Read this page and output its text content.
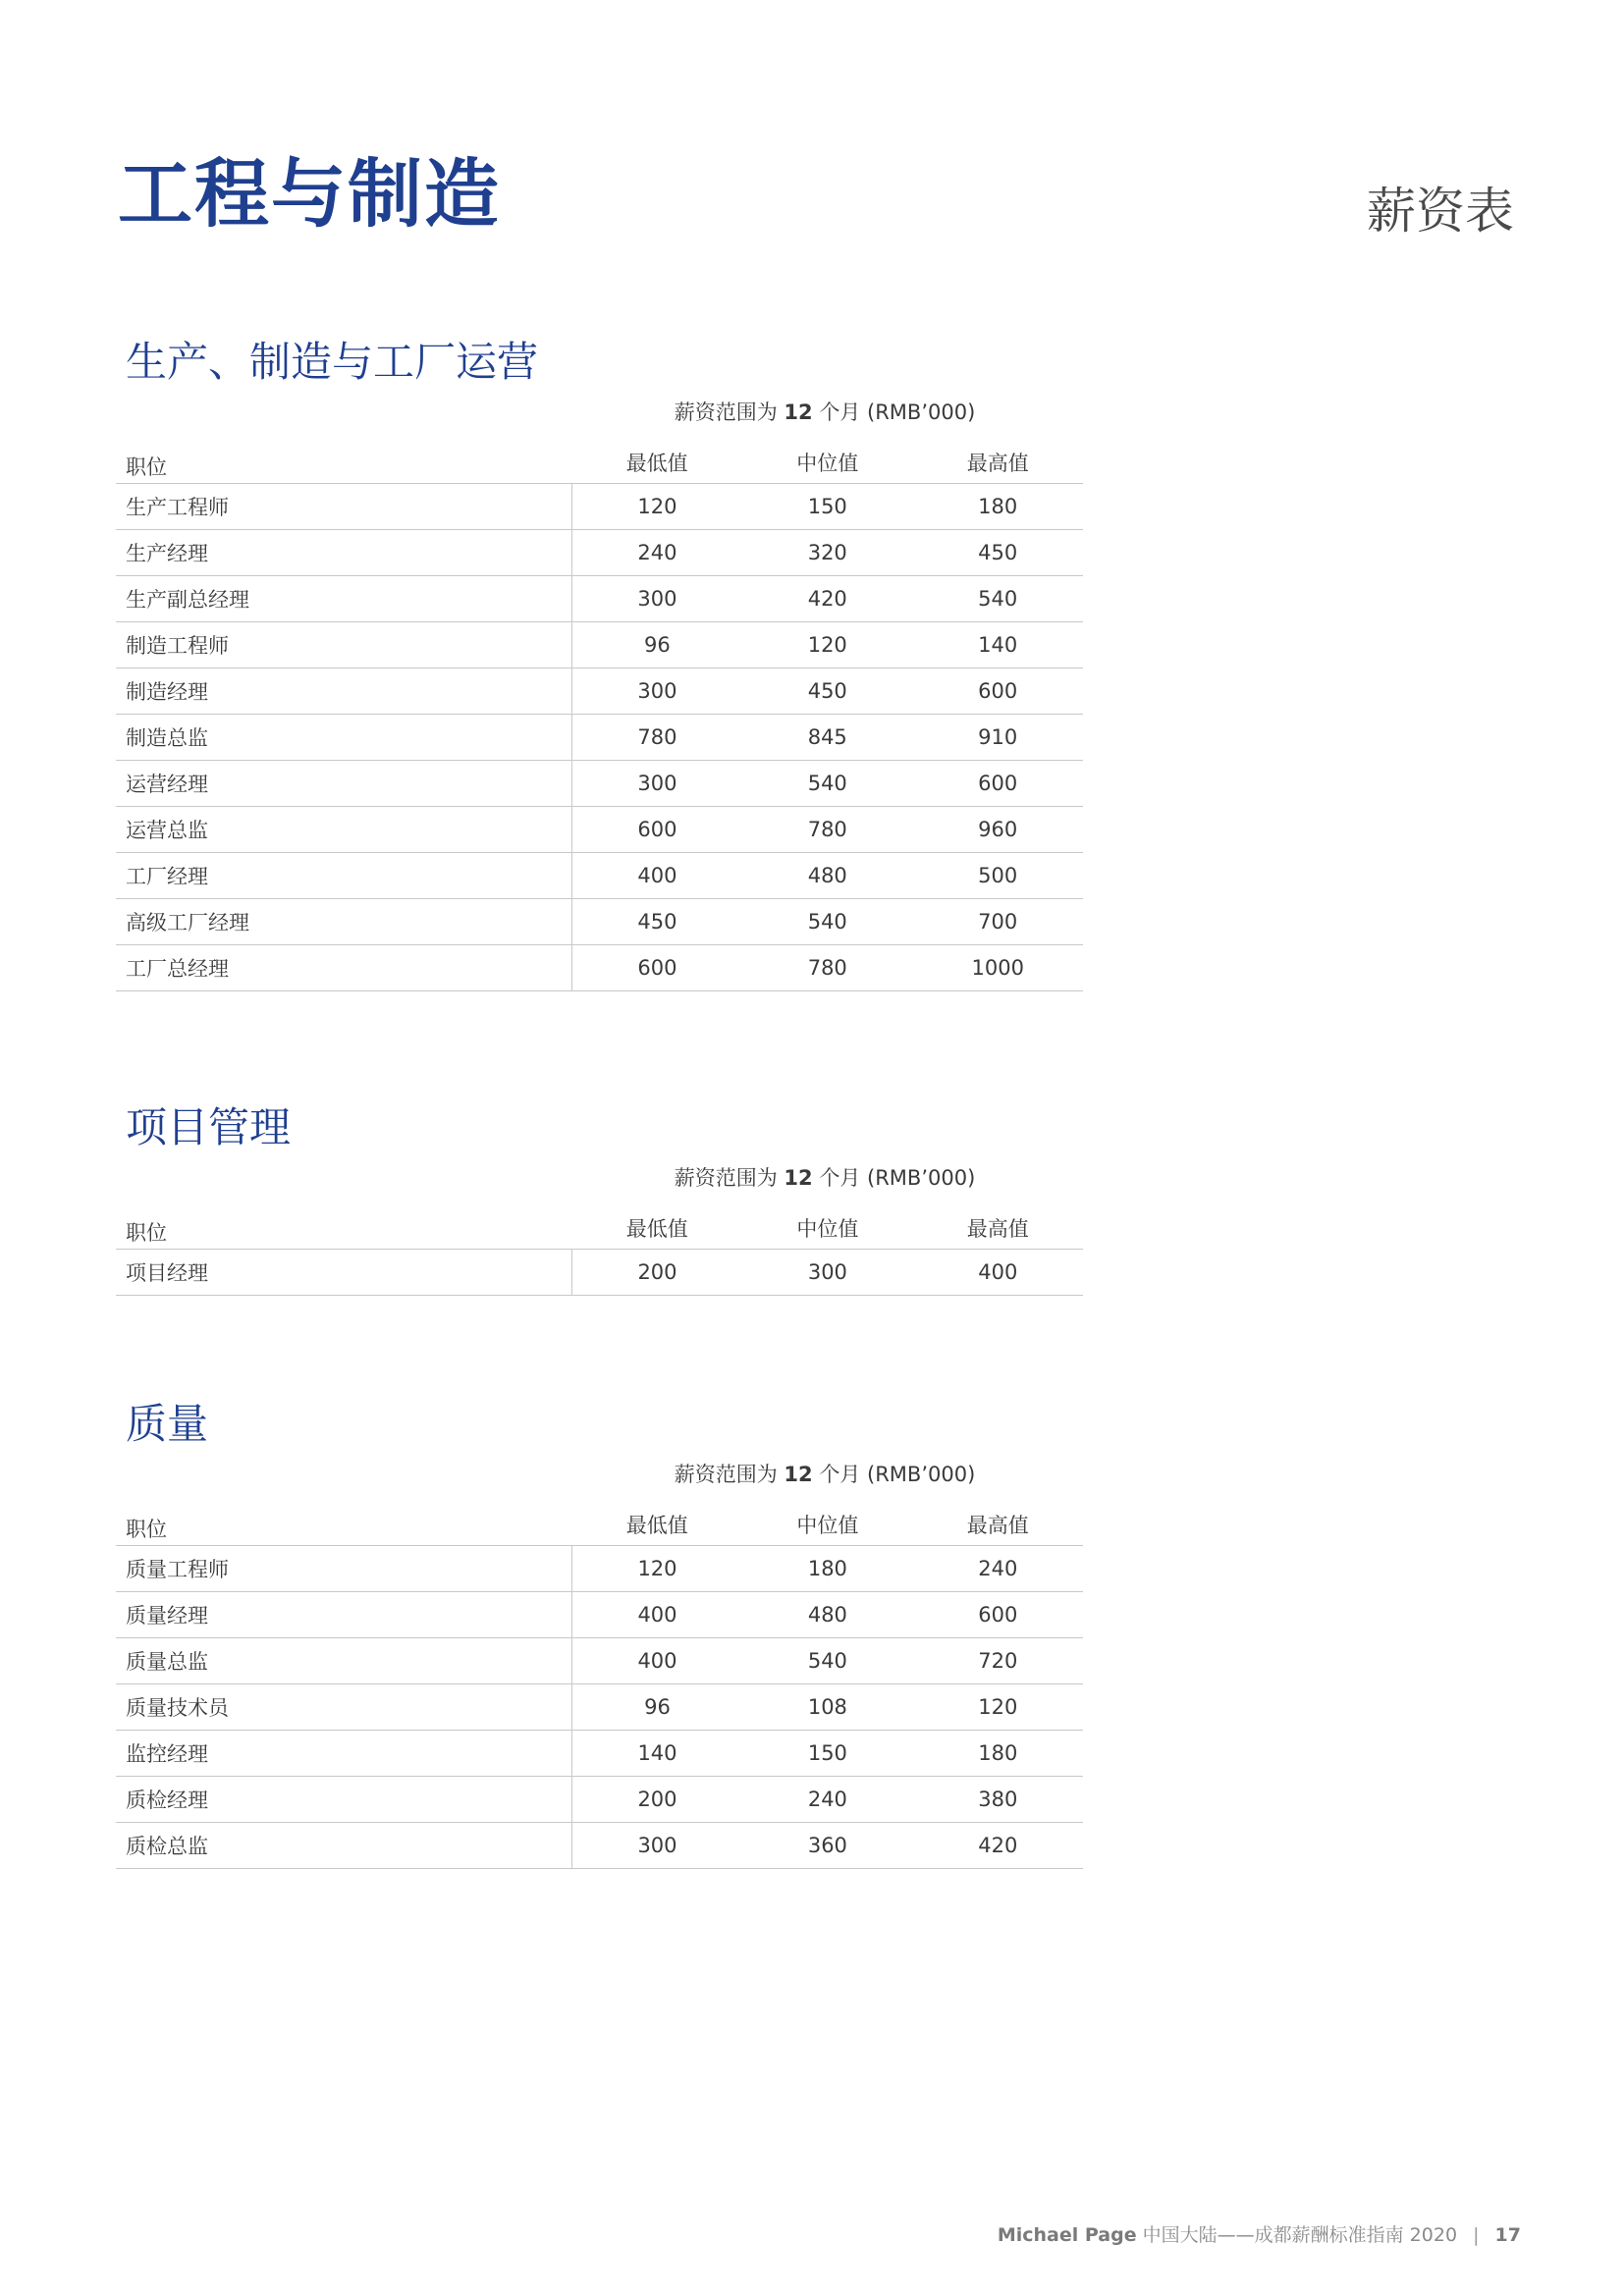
工程与制造	薪资表
生产、制造与工厂运营
薪资范围为 12 个月 (RMB’000)
职位	最低值	中位值	最高值
生产工程师	120	150	180
生产经理	240	320	450
生产副总经理	300	420	540
制造工程师	96	120	140
制造经理	300	450	600
制造总监	780	845	910
运营经理	300	540	600
运营总监	600	780	960
工厂经理	400	480	500
高级工厂经理	450	540	700
工厂总经理	600	780	1000
项目管理
薪资范围为 12 个月 (RMB’000)
职位	最低值	中位值	最高值
项目经理	200	300	400
质量
薪资范围为 12 个月 (RMB’000)
职位	最低值	中位值	最高值
质量工程师	120	180	240
质量经理	400	480	600
质量总监	400	540	720
质量技术员	96	108	120
监控经理	140	150	180
质检经理	200	240	380
质检总监	300	360	420
Michael Page 中国大陆——成都薪酬标准指南 2020 | 17
